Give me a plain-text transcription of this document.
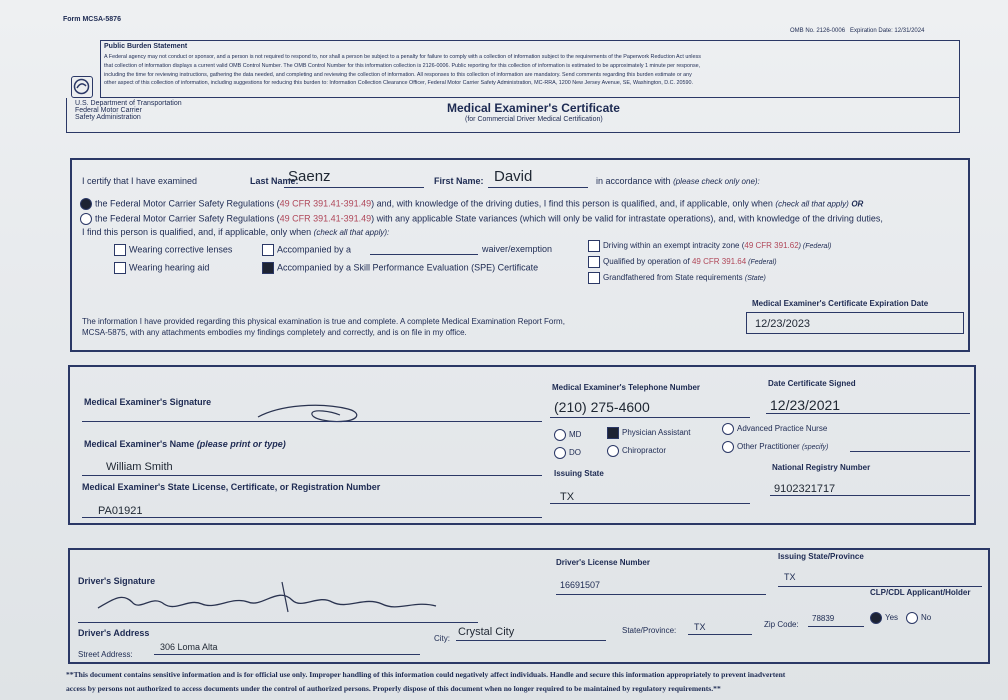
Form MCSA-5876
OMB No. 2126-0006 Expiration Date: 12/31/2024
Public Burden Statement
A Federal agency may not conduct or sponsor, and a person is not required to respond to, nor shall a person be subject to a penalty for failure to comply with a collection of information subject to the requirements of the Paperwork Reduction Act unless
that collection of information displays a current valid OMB Control Number. The OMB Control Number for this information collection is 2126-0006. Public reporting for this collection of information is estimated to be approximately 1 minute per response,
including the time for reviewing instructions, gathering the data needed, and completing and reviewing the collection of information. All responses to this collection of information are mandatory. Send comments regarding this burden estimate or any
other aspect of this collection of information, including suggestions for reducing this burden to: Information Collection Clearance Officer, Federal Motor Carrier Safety Administration, MC-RRA, 1200 New Jersey Avenue, SE, Washington, D.C. 20590.
U.S. Department of Transportation
Federal Motor Carrier
Safety Administration
Medical Examiner's Certificate
(for Commercial Driver Medical Certification)
I certify that I have examined	Last Name:
Saenz	First Name: David	in accordance with (please check only one):
the Federal Motor Carrier Safety Regulations (49 CFR 391.41-391.49) and, with knowledge of the driving duties, I find this person is qualified, and, if applicable, only when (check all that apply) OR
the Federal Motor Carrier Safety Regulations (49 CFR 391.41-391.49) with any applicable State variances (which will only be valid for intrastate operations), and, with knowledge of the driving duties,
I find this person is qualified, and, if applicable, only when (check all that apply):
Wearing corrective lenses
Wearing hearing aid
Accompanied by a	waiver/exemption
Accompanied by a Skill Performance Evaluation (SPE) Certificate
Driving within an exempt intracity zone (49 CFR 391.62) (Federal)
Qualified by operation of 49 CFR 391.64 (Federal)
Grandfathered from State requirements (State)
The information I have provided regarding this physical examination is true and complete. A complete Medical Examination Report Form,
MCSA-5875, with any attachments embodies my findings completely and correctly, and is on file in my office.
Medical Examiner's Certificate Expiration Date
12/23/2023
Medical Examiner's Signature
Medical Examiner's Telephone Number
(210) 275-4600
Date Certificate Signed
12/23/2021
Medical Examiner's Name (please print or type)
William Smith
MD
DO
Physician Assistant
Chiropractor
Advanced Practice Nurse
Other Practitioner (specify)
Medical Examiner's State License, Certificate, or Registration Number
PA01921
Issuing State
TX
National Registry Number
9102321717
Driver's Signature
Driver's License Number
16691507
Issuing State/Province
TX
CLP/CDL Applicant/Holder
Yes	No
Driver's Address
Street Address:
306 Loma Alta
City:
Crystal City	State/Province: TX	Zip Code:
78839
**This document contains sensitive information and is for official use only. Improper handling of this information could negatively affect individuals. Handle and secure this information appropriately to prevent inadvertent
access by persons not authorized to access documents under the control of authorized persons. Properly dispose of this document when no longer required to be maintained by regulatory requirements.**
